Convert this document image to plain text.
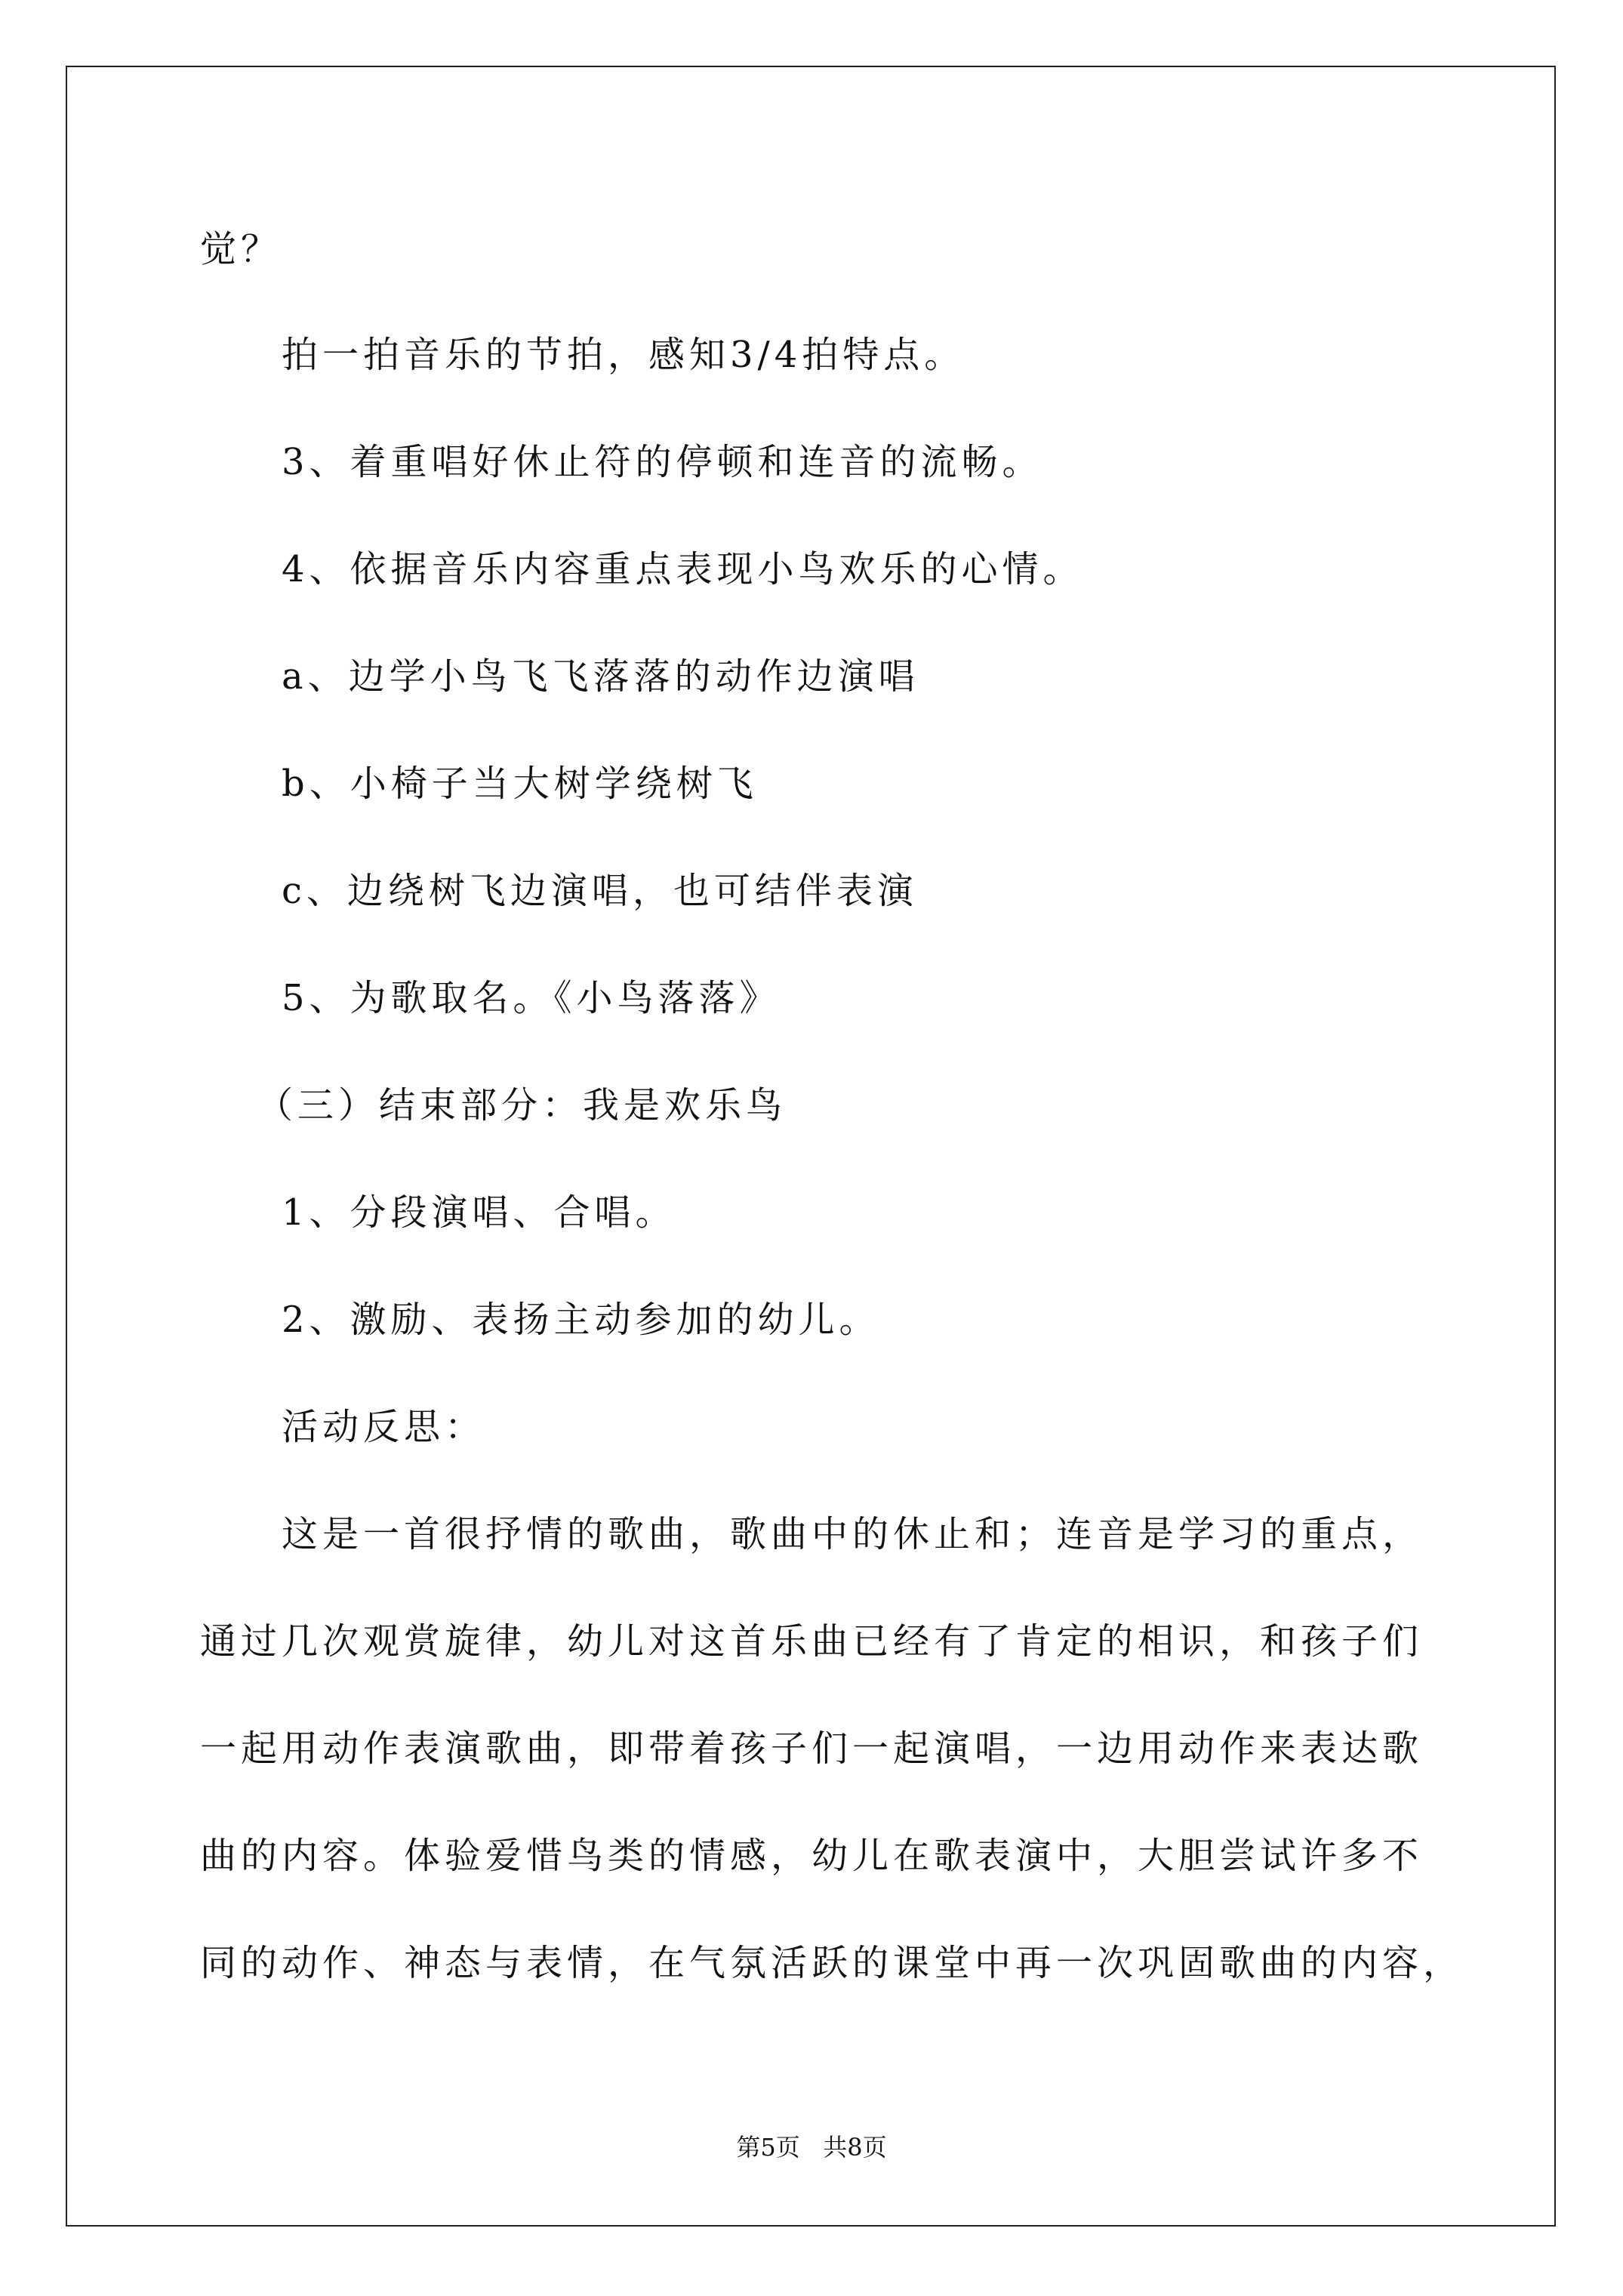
觉？
拍一拍音乐的节拍，感知3/4拍特点。
3、着重唱好休止符的停顿和连音的流畅。
4、依据音乐内容重点表现小鸟欢乐的心情。
a、边学小鸟飞飞落落的动作边演唱
b、小椅子当大树学绕树飞
c、边绕树飞边演唱，也可结伴表演
5、为歌取名。《小鸟落落》
（三）结束部分：我是欢乐鸟
1、分段演唱、合唱。
2、激励、表扬主动参加的幼儿。
活动反思：
这是一首很抒情的歌曲，歌曲中的休止和；连音是学习的重点，
通过几次观赏旋律，幼儿对这首乐曲已经有了肯定的相识，和孩子们
一起用动作表演歌曲，即带着孩子们一起演唱，一边用动作来表达歌
曲的内容。体验爱惜鸟类的情感，幼儿在歌表演中，大胆尝试许多不
同的动作、神态与表情，在气氛活跃的课堂中再一次巩固歌曲的内容，
第5页   共8页
